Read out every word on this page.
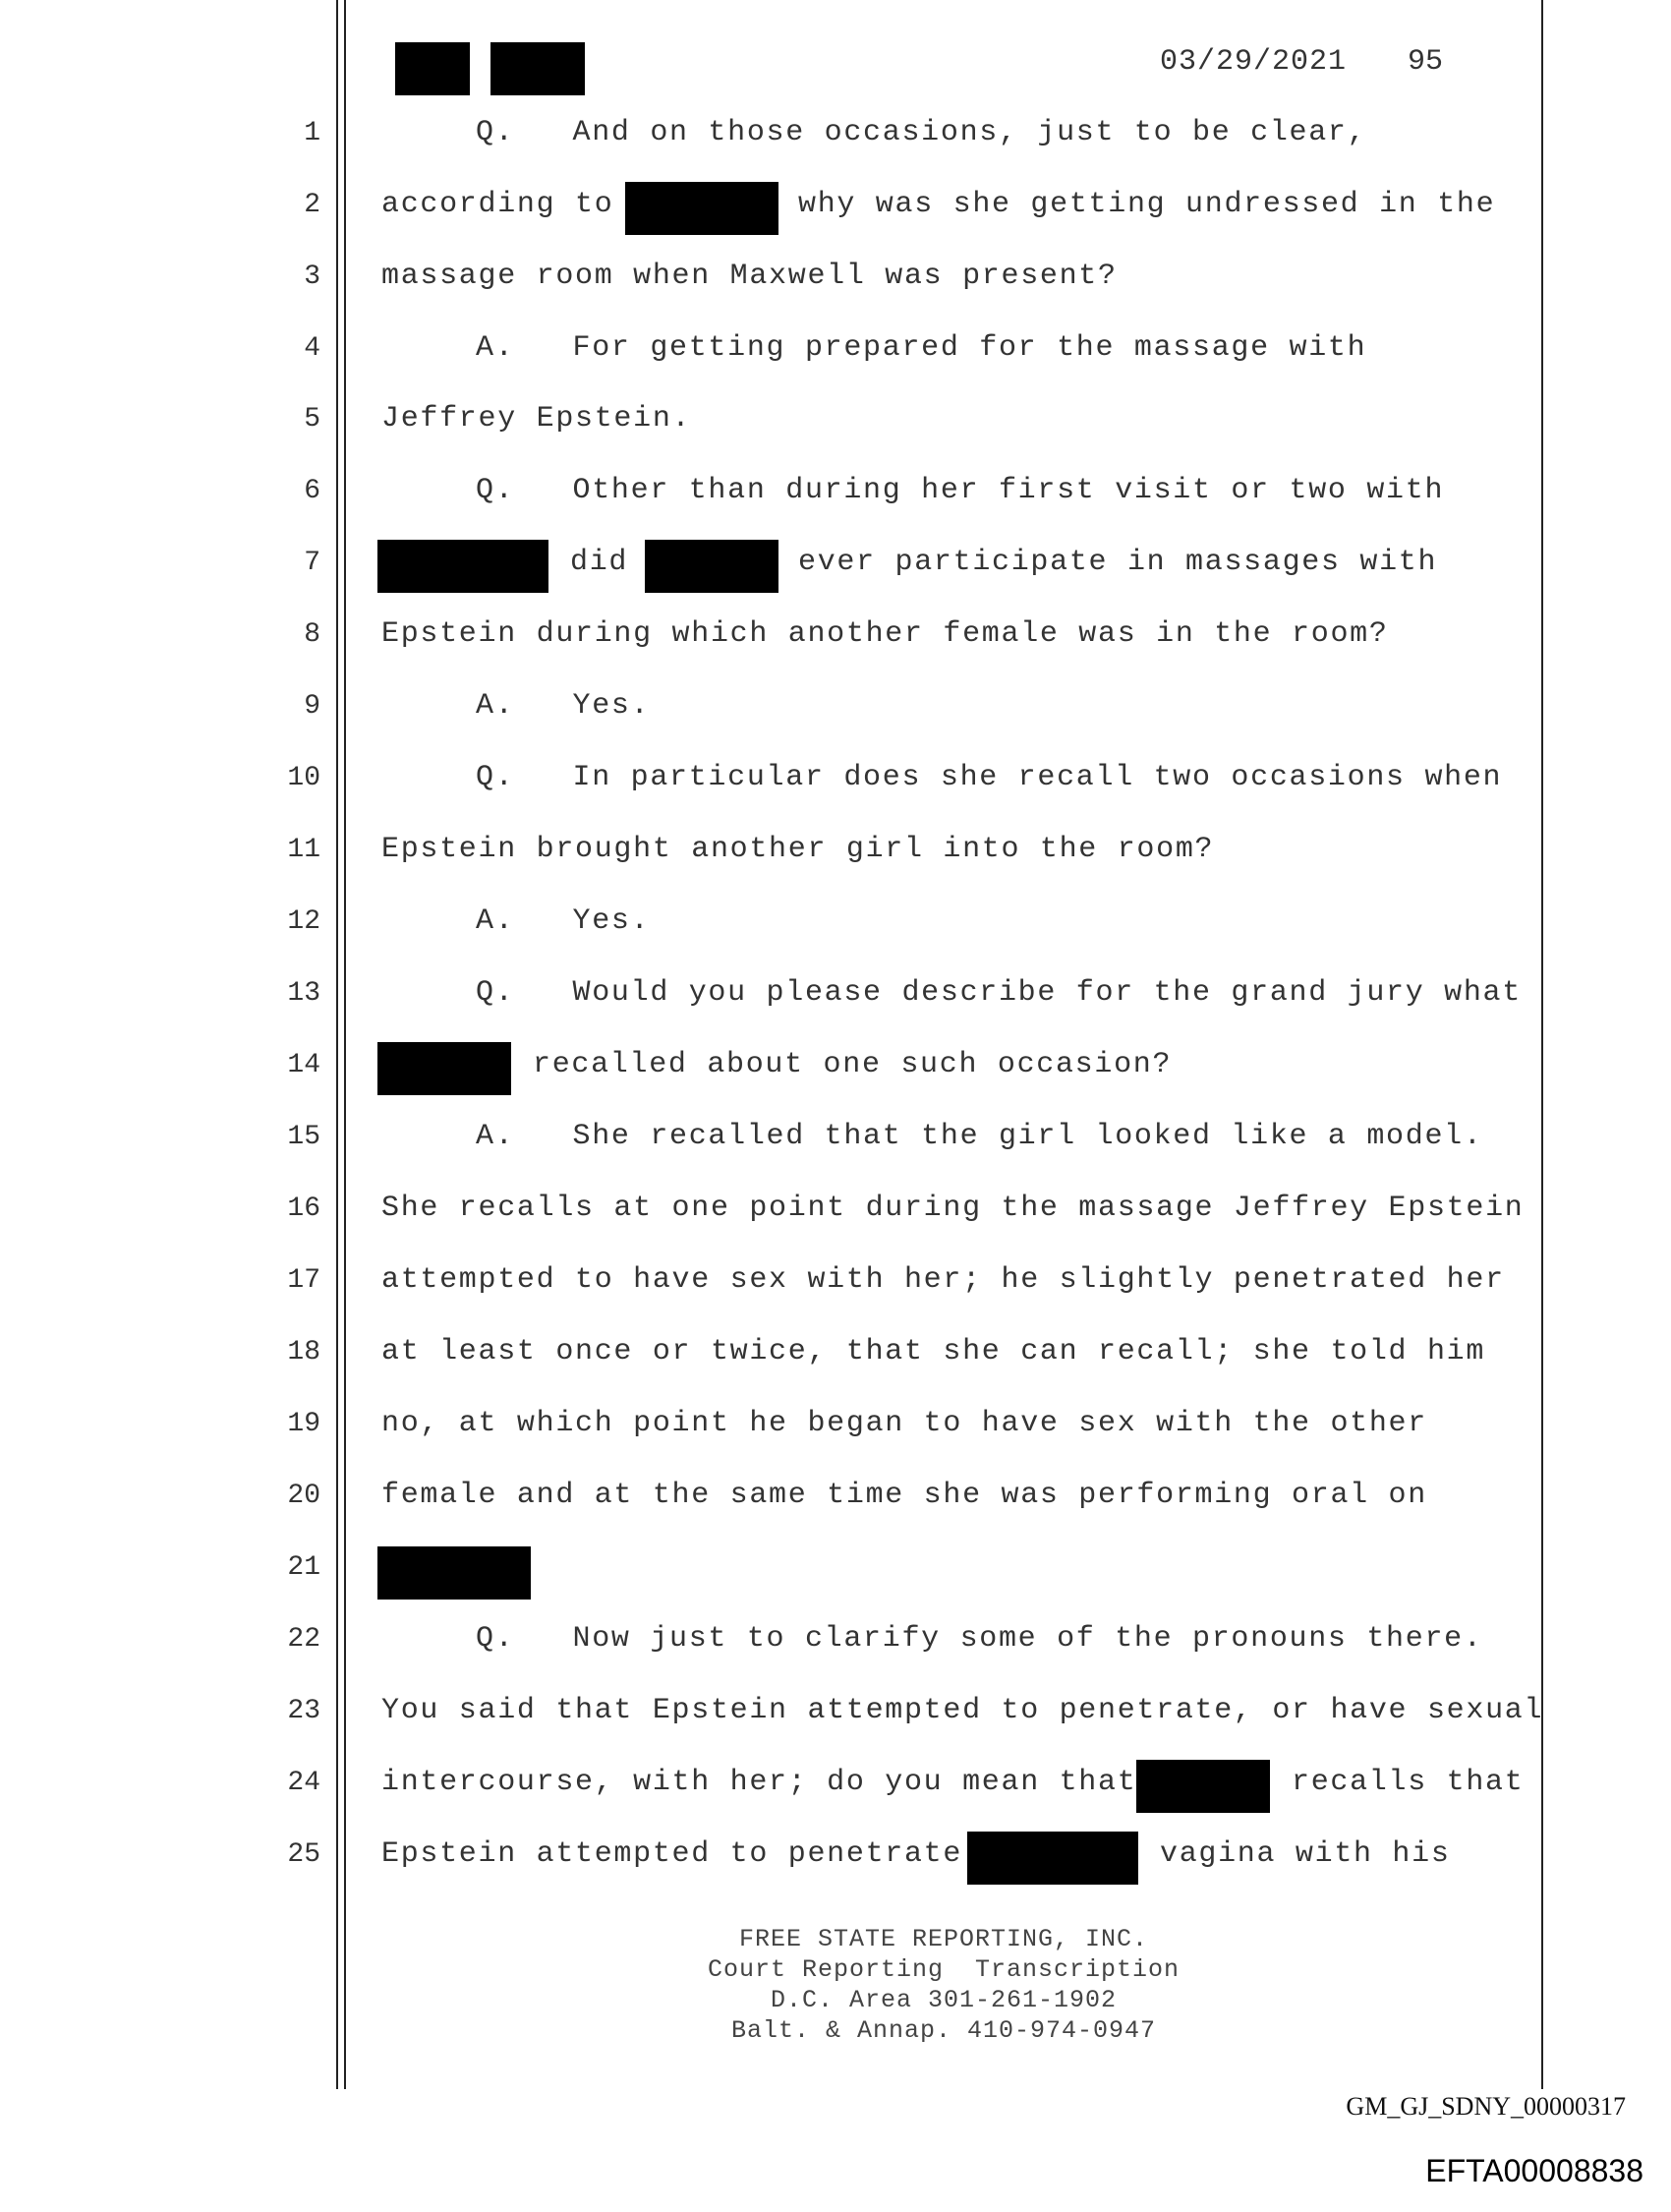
03/29/2021 95
1	Q.   And on those occasions, just to be clear,
2 according to	why was she getting undressed in the
3 massage room when Maxwell was present?
4	A.   For getting prepared for the massage with
5 Jeffrey Epstein.
6	Q.   Other than during her first visit or two with
7	did	ever participate in massages with
8 Epstein during which another female was in the room?
9	A.   Yes.
10	Q.   In particular does she recall two occasions when
11 Epstein brought another girl into the room?
12	A.   Yes.
13	Q.   Would you please describe for the grand jury what
14	recalled about one such occasion?
15	A.   She recalled that the girl looked like a model.
16 She recalls at one point during the massage Jeffrey Epstein
17 attempted to have sex with her; he slightly penetrated her
18 at least once or twice, that she can recall; she told him
19 no, at which point he began to have sex with the other
20 female and at the same time she was performing oral on
21
22	Q.   Now just to clarify some of the pronouns there.
23 You said that Epstein attempted to penetrate, or have sexual
24 intercourse, with her; do you mean that	recalls that
25 Epstein attempted to penetrate	vagina with his
FREE STATE REPORTING, INC.
Court Reporting  Transcription
D.C. Area 301-261-1902
Balt. & Annap. 410-974-0947
GM_GJ_SDNY_00000317
EFTA00008838
